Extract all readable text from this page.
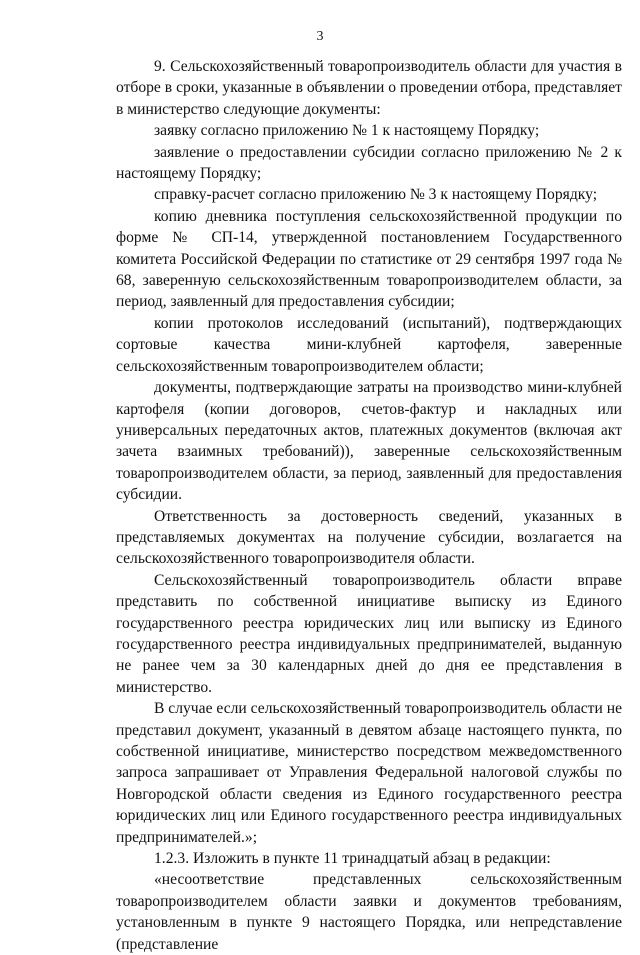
3

9. Сельскохозяйственный товаропроизводитель области для участия в отборе в сроки, указанные в объявлении о проведении отбора, представляет в министерство следующие документы:

заявку согласно приложению № 1 к настоящему Порядку;

заявление о предоставлении субсидии согласно приложению № 2 к настоящему Порядку;

справку-расчет согласно приложению № 3 к настоящему Порядку;

копию дневника поступления сельскохозяйственной продукции по форме № СП-14, утвержденной постановлением Государственного комитета Российской Федерации по статистике от 29 сентября 1997 года № 68, заверенную сельскохозяйственным товаропроизводителем области, за период, заявленный для предоставления субсидии;

копии протоколов исследований (испытаний), подтверждающих сортовые качества мини-клубней картофеля, заверенные сельскохозяйственным товаропроизводителем области;

документы, подтверждающие затраты на производство мини-клубней картофеля (копии договоров, счетов-фактур и накладных или универсальных передаточных актов, платежных документов (включая акт зачета взаимных требований)), заверенные сельскохозяйственным товаропроизводителем области, за период, заявленный для предоставления субсидии.

Ответственность за достоверность сведений, указанных в представляемых документах на получение субсидии, возлагается на сельскохозяйственного товаропроизводителя области.

Сельскохозяйственный товаропроизводитель области вправе представить по собственной инициативе выписку из Единого государственного реестра юридических лиц или выписку из Единого государственного реестра индивидуальных предпринимателей, выданную не ранее чем за 30 календарных дней до дня ее представления в министерство.

В случае если сельскохозяйственный товаропроизводитель области не представил документ, указанный в девятом абзаце настоящего пункта, по собственной инициативе, министерство посредством межведомственного запроса запрашивает от Управления Федеральной налоговой службы по Новгородской области сведения из Единого государственного реестра юридических лиц или Единого государственного реестра индивидуальных предпринимателей.»;

1.2.3. Изложить в пункте 11 тринадцатый абзац в редакции:

«несоответствие представленных сельскохозяйственным товаропроизводителем области заявки и документов требованиям, установленным в пункте 9 настоящего Порядка, или непредставление (представление
